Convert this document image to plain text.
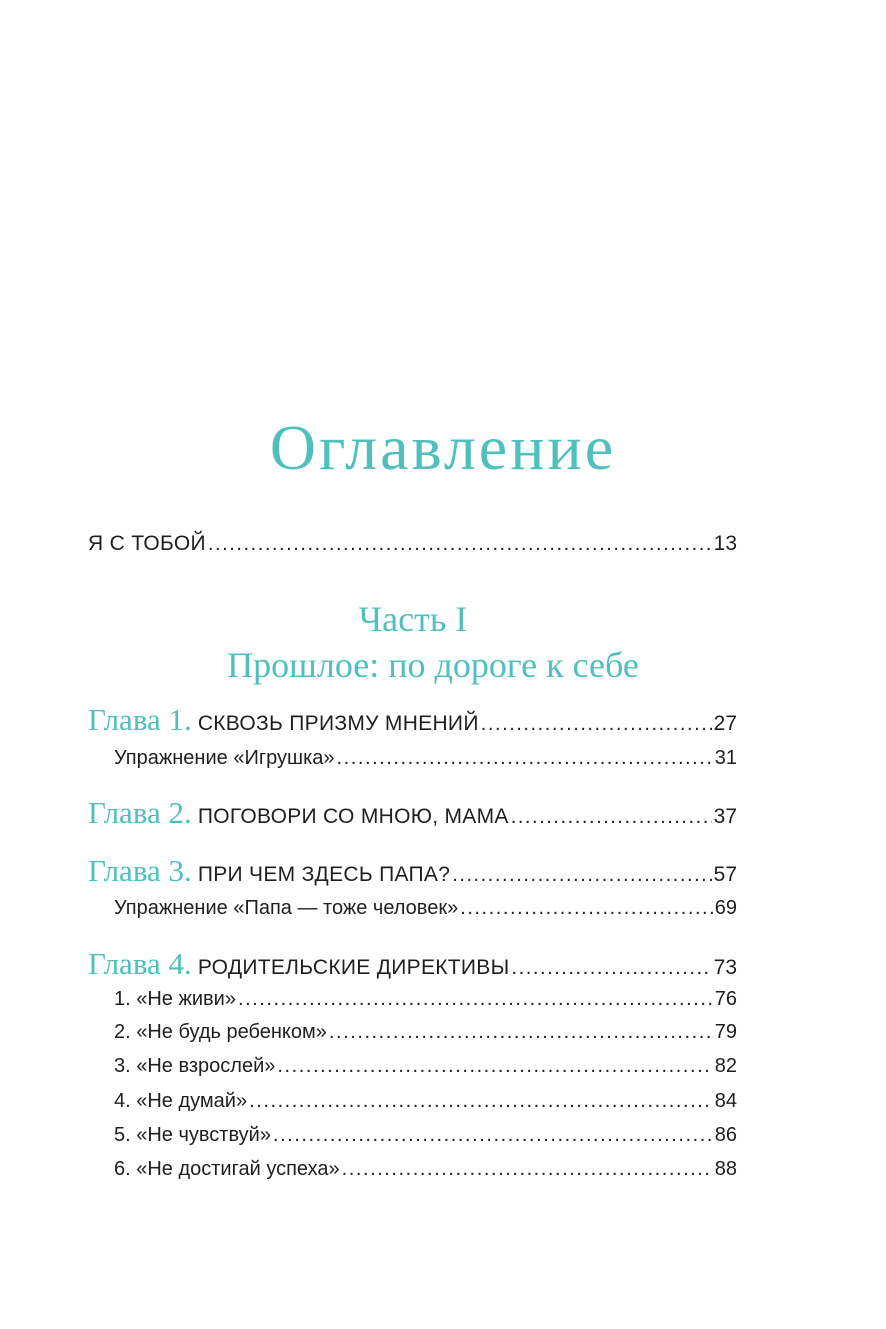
Оглавление
Я С ТОБОЙ . . .	13
Часть I
Прошлое: по дороге к себе
Глава 1. СКВОЗЬ ПРИЗМУ МНЕНИЙ . . .	27
Упражнение «Игрушка» . . .	31
Глава 2. ПОГОВОРИ СО МНОЮ, МАМА . . .	37
Глава 3. ПРИ ЧЕМ ЗДЕСЬ ПАПА? . . .	57
Упражнение «Папа — тоже человек» . . .	69
Глава 4. РОДИТЕЛЬСКИЕ ДИРЕКТИВЫ . . .	73
1. «Не живи» . . .	76
2. «Не будь ребенком» . . .	79
3. «Не взрослей» . . .	82
4. «Не думай» . . .	84
5. «Не чувствуй» . . .	86
6. «Не достигай успеха» . . .	88
